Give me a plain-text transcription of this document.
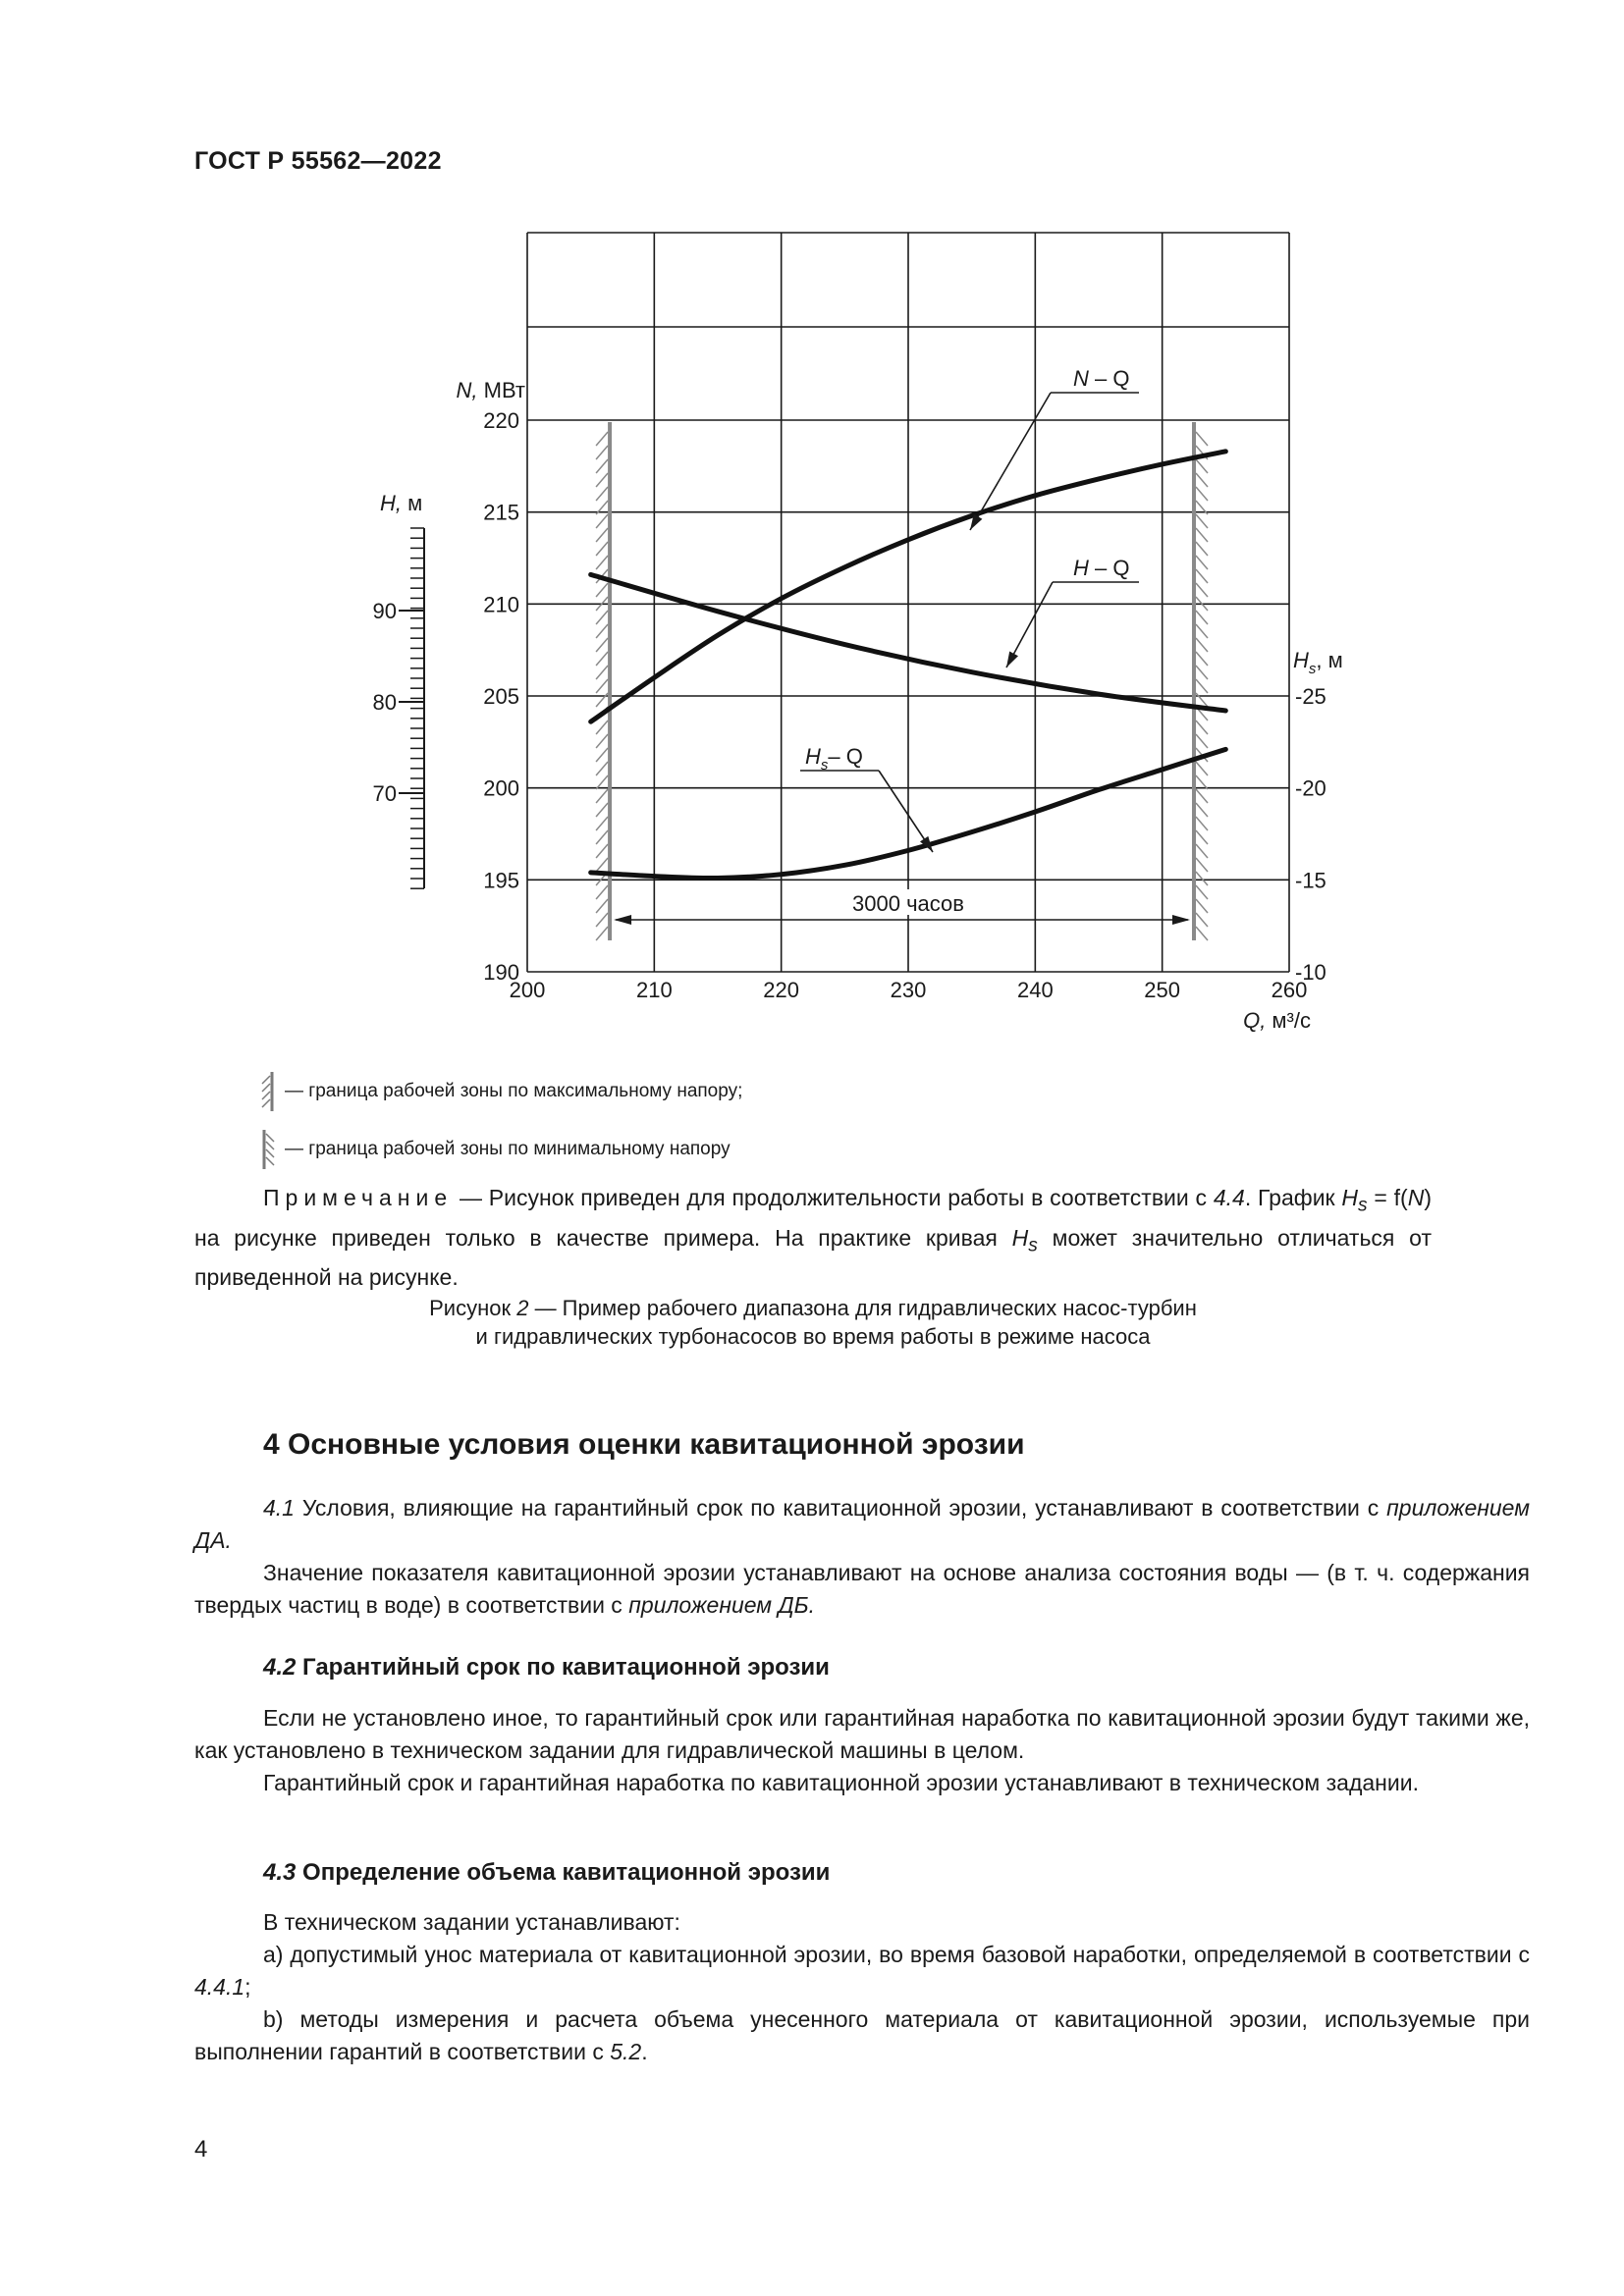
ГОСТ Р 55562—2022
200	210	220	230	240	250	260
190
195
200
205
210
215
220
-25
-20
-15
-10
N, МВт
Q, м³/с
H, м
$H_s$, м
90
80
70
3000 часов
N – Q
H – Q
$H_s-$ Q
— граница рабочей зоны по максимальному напору;
— граница рабочей зоны по минимальному напору
Примечание — Рисунок приведен для продолжительности работы в соответствии с 4.4. График $H_s = f(N)$ на рисунке приведен только в качестве примера. На практике кривая $H_s$ может значительно отличаться от приведенной на рисунке.
Рисунок 2 — Пример рабочего диапазона для гидравлических насос-турбин
и гидравлических турбонасосов во время работы в режиме насоса
4 Основные условия оценки кавитационной эрозии
4.1 Условия, влияющие на гарантийный срок по кавитационной эрозии, устанавливают в соответствии с приложением ДА.
Значение показателя кавитационной эрозии устанавливают на основе анализа состояния воды — (в т. ч. содержания твердых частиц в воде) в соответствии с приложением ДБ.
4.2 Гарантийный срок по кавитационной эрозии
Если не установлено иное, то гарантийный срок или гарантийная наработка по кавитационной эрозии будут такими же, как установлено в техническом задании для гидравлической машины в целом.
Гарантийный срок и гарантийная наработка по кавитационной эрозии устанавливают в техническом задании.
4.3 Определение объема кавитационной эрозии
В техническом задании устанавливают:
a) допустимый унос материала от кавитационной эрозии, во время базовой наработки, определяемой в соответствии с 4.4.1;
b) методы измерения и расчета объема унесенного материала от кавитационной эрозии, используемые при выполнении гарантий в соответствии с 5.2.
4
